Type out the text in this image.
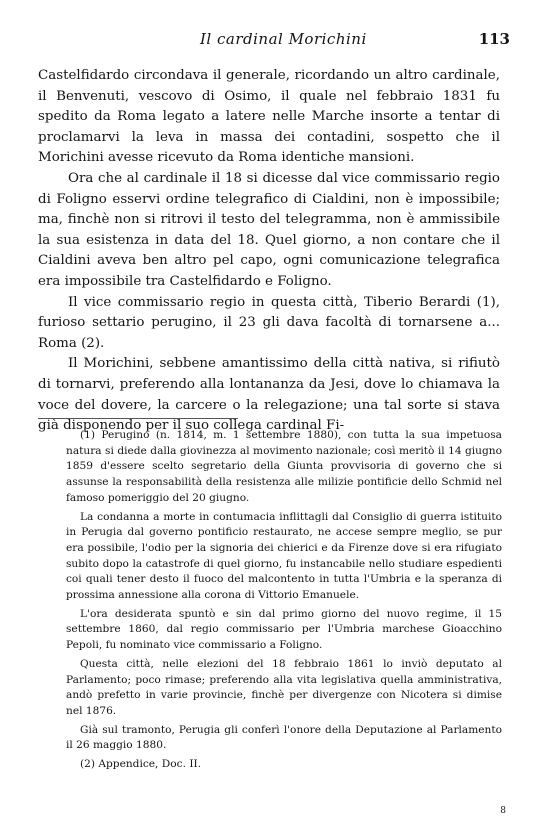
Il cardinal Morichini	113

Castelfidardo circondava il generale, ricordando un altro cardinale, il Benvenuti, vescovo di Osimo, il quale nel febbraio 1831 fu spedito da Roma legato a latere nelle Marche insorte a tentar di proclamarvi la leva in massa dei contadini, sospetto che il Morichini avesse ricevuto da Roma identiche mansioni.

Ora che al cardinale il 18 si dicesse dal vice commissario regio di Foligno esservi ordine telegrafico di Cialdini, non è impossibile; ma, finchè non si ritrovi il testo del telegramma, non è ammissibile la sua esistenza in data del 18. Quel giorno, a non contare che il Cialdini aveva ben altro pel capo, ogni comunicazione telegrafica era impossibile tra Castelfidardo e Foligno.

Il vice commissario regio in questa città, Tiberio Berardi (1), furioso settario perugino, il 23 gli dava facoltà di tornarsene a... Roma (2).

Il Morichini, sebbene amantissimo della città nativa, si rifiutò di tornarvi, preferendo alla lontananza da Jesi, dove lo chiamava la voce del dovere, la carcere o la relegazione; una tal sorte si stava già disponendo per il suo collega cardinal Fi-

(1) Perugino (n. 1814, m. 1 settembre 1880), con tutta la sua impetuosa natura si diede dalla giovinezza al movimento nazionale; così meritò il 14 giugno 1859 d'essere scelto segretario della Giunta provvisoria di governo che si assunse la responsabilità della resistenza alle milizie pontificie dello Schmid nel famoso pomeriggio del 20 giugno.

La condanna a morte in contumacia inflittagli dal Consiglio di guerra istituito in Perugia dal governo pontificio restaurato, ne accese sempre meglio, se pur era possibile, l'odio per la signoria dei chierici e da Firenze dove si era rifugiato subito dopo la catastrofe di quel giorno, fu instancabile nello studiare espedienti coi quali tener desto il fuoco del malcontento in tutta l'Umbria e la speranza di prossima annessione alla corona di Vittorio Emanuele.

L'ora desiderata spuntò e sin dal primo giorno del nuovo regime, il 15 settembre 1860, dal regio commissario per l'Umbria marchese Gioacchino Pepoli, fu nominato vice commissario a Foligno.

Questa città, nelle elezioni del 18 febbraio 1861 lo inviò deputato al Parlamento; poco rimase; preferendo alla vita legislativa quella amministrativa, andò prefetto in varie provincie, finchè per divergenze con Nicotera si dimise nel 1876.

Già sul tramonto, Perugia gli conferì l'onore della Deputazione al Parlamento il 26 maggio 1880.

(2) Appendice, Doc. II.

8
